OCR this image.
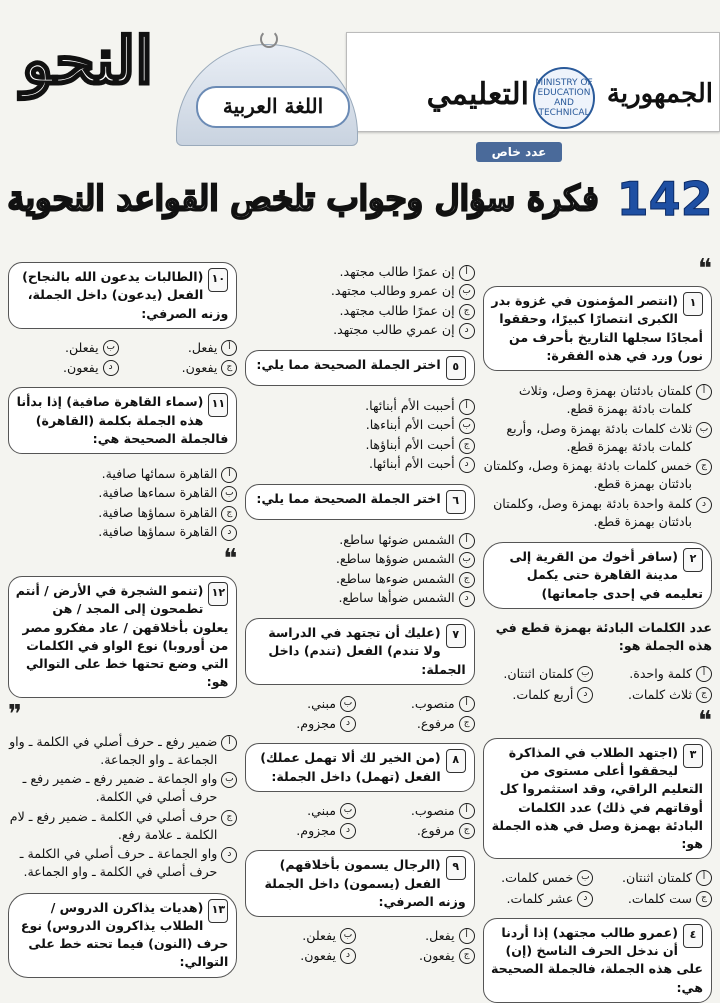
الجمهورية
MINISTRY OF EDUCATION AND TECHNICAL
التعليمي
عدد خاص
اللغة العربية
النحو
142
فكرة سؤال وجواب تلخص القواعد النحوية
❝
١
(انتصر المؤمنون في غزوة بدر الكبرى انتصارًا كبيرًا، وحققوا أمجادًا سجلها التاريخ بأحرف من نور) ورد في هذه الفقرة:
أ
كلمتان بادئتان بهمزة وصل، وثلاث كلمات بادئة بهمزة قطع.
ب
ثلاث كلمات بادئة بهمزة وصل، وأربع كلمات بادئة بهمزة قطع.
ج
خمس كلمات بادئة بهمزة وصل، وكلمتان بادئتان بهمزة قطع.
د
كلمة واحدة بادئة بهمزة وصل، وكلمتان بادئتان بهمزة قطع.
٢
(سافر أخوك من القرية إلى مدينة القاهرة حتى يكمل تعليمه في إحدى جامعاتها)
عدد الكلمات البادئة بهمزة قطع في هذه الجملة هو:
أ
كلمة واحدة.
ب
كلمتان اثنتان.
ج
ثلاث كلمات.
د
أربع كلمات.
❝
٣
(اجتهد الطلاب في المذاكرة ليحققوا أعلى مستوى من التعليم الراقي، وقد استثمروا كل أوقاتهم في ذلك) عدد الكلمات البادئة بهمزة وصل في هذه الجملة هو:
أ
كلمتان اثنتان.
ب
خمس كلمات.
ج
ست كلمات.
د
عشر كلمات.
٤
(عمرو طالب مجتهد) إذا أردنا أن ندخل الحرف الناسخ (إن) على هذه الجملة، فالجملة الصحيحة هي:
أ
إن عمرًا طالب مجتهد.
ب
إن عمرو وطالب مجتهد.
ج
إن عمرًا طالب مجتهد.
د
إن عمري طالب مجتهد.
٥
اختر الجملة الصحيحة مما يلي:
أ
أحببت الأم أبنائها.
ب
أحبت الأم أبناءها.
ج
أحبت الأم أبناؤها.
د
أحبت الأم أبنائها.
٦
اختر الجملة الصحيحة مما يلي:
أ
الشمس ضوئها ساطع.
ب
الشمس ضوؤها ساطع.
ج
الشمس ضوءها ساطع.
د
الشمس ضوأها ساطع.
٧
(عليك أن تجتهد في الدراسة ولا تندم) الفعل (تندم) داخل الجملة:
أ
منصوب.
ب
مبني.
ج
مرفوع.
د
مجزوم.
٨
(من الخير لك ألا تهمل عملك) الفعل (تهمل) داخل الجملة:
أ
منصوب.
ب
مبني.
ج
مرفوع.
د
مجزوم.
٩
(الرجال يسمون بأخلاقهم) الفعل (يسمون) داخل الجملة وزنه الصرفي:
أ
يفعل.
ب
يفعلن.
ج
يفعون.
د
يفعون.
١٠
(الطالبات يدعون الله بالنجاح) الفعل (يدعون) داخل الجملة، وزنه الصرفي:
أ
يفعل.
ب
يفعلن.
ج
يفعون.
د
يفعون.
١١
(سماء القاهرة صافية) إذا بدأنا هذه الجملة بكلمة (القاهرة) فالجملة الصحيحة هي:
أ
القاهرة سمائها صافية.
ب
القاهرة سماءها صافية.
ج
القاهرة سماؤها صافية.
د
القاهرة سماؤها صافية.
❝
١٢
(تنمو الشجرة في الأرض / أنتم تطمحون إلى المجد / هن يعلون بأخلاقهن / عاد مفكرو مصر من أوروبا) نوع الواو في الكلمات التي وضع تحتها خط على التوالي هو:
❞
أ
ضمير رفع ـ حرف أصلي في الكلمة ـ واو الجماعة ـ واو الجماعة.
ب
واو الجماعة ـ ضمير رفع ـ ضمير رفع ـ حرف أصلي في الكلمة.
ج
حرف أصلي في الكلمة ـ ضمير رفع ـ لام الكلمة ـ علامة رفع.
د
واو الجماعة ـ حرف أصلي في الكلمة ـ حرف أصلي في الكلمة ـ واو الجماعة.
١٣
(هديات يذاكرن الدروس / الطلاب يذاكرون الدروس) نوع حرف (النون) فيما تحته خط على التوالي:
